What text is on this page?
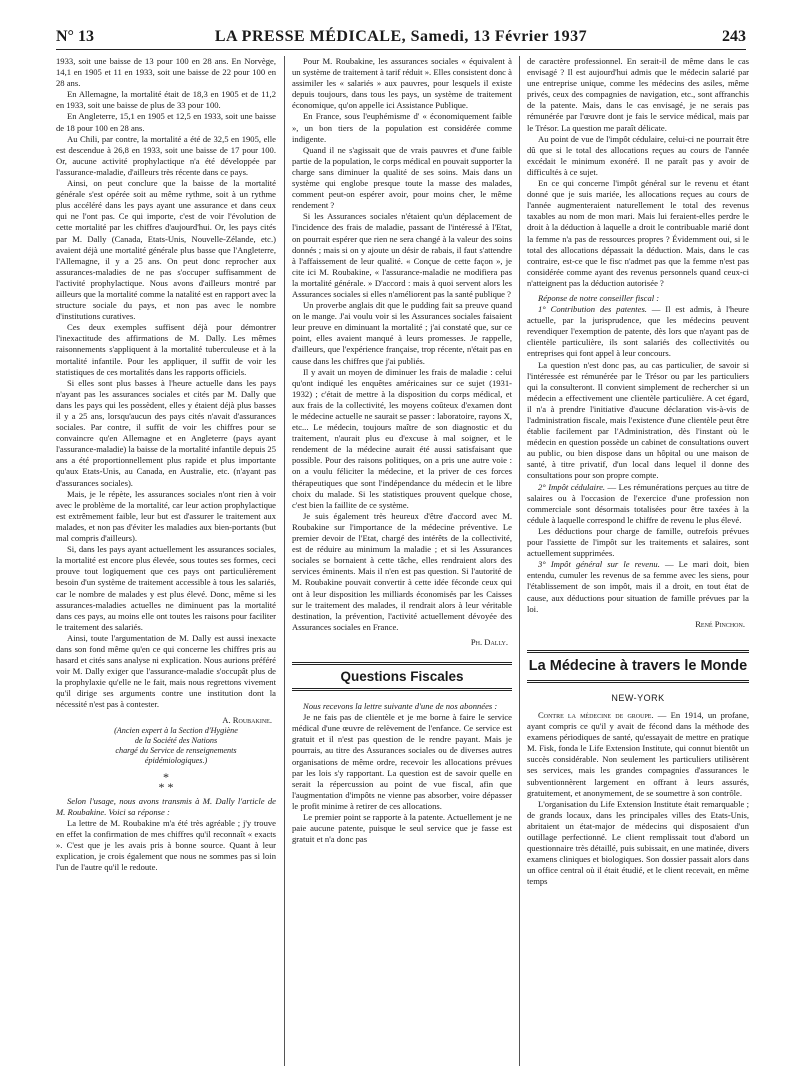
N° 13	LA PRESSE MÉDICALE, Samedi, 13 Février 1937	243

1933, soit une baisse de 13 pour 100 en 28 ans. En Norvège, 14,1 en 1905 et 11 en 1933, soit une baisse de 22 pour 100 en 28 ans.

En Allemagne, la mortalité était de 18,3 en 1905 et de 11,2 en 1933, soit une baisse de plus de 33 pour 100.

En Angleterre, 15,1 en 1905 et 12,5 en 1933, soit une baisse de 18 pour 100 en 28 ans.

Au Chili, par contre, la mortalité a été de 32,5 en 1905, elle est descendue à 26,8 en 1933, soit une baisse de 17 pour 100. Or, aucune activité prophylactique n'a été développée par l'assurance-maladie, d'ailleurs très récente dans ce pays.

Ainsi, on peut conclure que la baisse de la mortalité générale s'est opérée soit au même rythme, soit à un rythme plus accéléré dans les pays ayant une assurance et dans ceux qui ne l'ont pas. Ce qui importe, c'est de voir l'évolution de cette mortalité par les chiffres d'aujourd'hui. Or, les pays cités par M. Dally (Canada, Etats-Unis, Nouvelle-Zélande, etc.) avaient déjà une mortalité générale plus basse que l'Angleterre, l'Allemagne, il y a 25 ans. On peut donc reprocher aux assurances-maladies de ne pas s'occuper suffisamment de l'activité prophylactique. Nous avons d'ailleurs montré par ailleurs que la mortalité comme la natalité est en rapport avec la structure sociale du pays, et non pas avec le nombre d'institutions curatives.

Ces deux exemples suffisent déjà pour démontrer l'inexactitude des affirmations de M. Dally. Les mêmes raisonnements s'appliquent à la mortalité tuberculeuse et à la mortalité infantile. Pour les appliquer, il suffit de voir les statistiques de ces mortalités dans les rapports officiels.

Si elles sont plus basses à l'heure actuelle dans les pays n'ayant pas les assurances sociales et cités par M. Dally que dans les pays qui les possèdent, elles y étaient déjà plus basses il y a 25 ans, lorsqu'aucun des pays cités n'avait d'assurances sociales. Par contre, il suffit de voir les chiffres pour se convaincre qu'en Allemagne et en Angleterre (pays ayant l'assurance-maladie) la baisse de la mortalité infantile depuis 25 ans a été proportionnellement plus rapide et plus importante qu'aux Etats-Unis, au Canada, en Australie, etc. (n'ayant pas d'assurances sociales).

Mais, je le répète, les assurances sociales n'ont rien à voir avec le problème de la mortalité, car leur action prophylactique est extrêmement faible, leur but est d'assurer le traitement aux malades, et non pas d'éviter les maladies aux bien-portants (but mal compris d'ailleurs).

Si, dans les pays ayant actuellement les assurances sociales, la mortalité est encore plus élevée, sous toutes ses formes, ceci prouve tout logiquement que ces pays ont particulièrement besoin d'un système de traitement accessible à tous les salariés, car le nombre de malades y est plus élevé. Donc, même si les assurances-maladies actuelles ne diminuent pas la mortalité dans ces pays, au moins elle ont toutes les raisons pour faciliter le traitement des salariés.

Ainsi, toute l'argumentation de M. Dally est aussi inexacte dans son fond même qu'en ce qui concerne les chiffres pris au hasard et cités sans analyse ni explication. Nous aurions préféré voir M. Dally exiger que l'assurance-maladie s'occupât plus de la prophylaxie qu'elle ne le fait, mais nous regrettons vivement qu'il dirige ses arguments contre une institution dont la nécessité n'est pas à contester.

A. Roubakine.

(Ancien expert à la Section d'Hygiène

de la Société des Nations

chargé du Service de renseignements

épidémiologiques.)

*
* *

Selon l'usage, nous avons transmis à M. Dally l'article de M. Roubakine. Voici sa réponse :

La lettre de M. Roubakine m'a été très agréable ; j'y trouve en effet la confirmation de mes chiffres qu'il reconnaît « exacts ». C'est que je les avais pris à bonne source. Quant à leur explication, je crois également que nous ne sommes pas si loin l'un de l'autre qu'il le redoute.

Pour M. Roubakine, les assurances sociales « équivalent à un système de traitement à tarif réduit ». Elles consistent donc à assimiler les « salariés » aux pauvres, pour lesquels il existe depuis toujours, dans tous les pays, un système de traitement économique, qu'on appelle ici Assistance Publique.

En France, sous l'euphémisme d' « économiquement faible », un bon tiers de la population est considérée comme indigente.

Quand il ne s'agissait que de vrais pauvres et d'une faible partie de la population, le corps médical en pouvait supporter la charge sans diminuer la qualité de ses soins. Mais dans un système qui englobe presque toute la masse des malades, comment peut-on espérer avoir, pour moins cher, le même rendement ?

Si les Assurances sociales n'étaient qu'un déplacement de l'incidence des frais de maladie, passant de l'intéressé à l'Etat, on pourrait espérer que rien ne sera changé à la valeur des soins donnés ; mais si on y ajoute un désir de rabais, il faut s'attendre à l'affaissement de leur qualité. « Conçue de cette façon », je cite ici M. Roubakine, « l'assurance-maladie ne modifiera pas la mortalité générale. » D'accord : mais à quoi servent alors les Assurances sociales si elles n'améliorent pas la santé publique ?

Un proverbe anglais dit que le pudding fait sa preuve quand on le mange. J'ai voulu voir si les Assurances sociales faisaient leur preuve en diminuant la mortalité ; j'ai constaté que, sur ce point, elles avaient manqué à leurs promesses. Je rappelle, d'ailleurs, que l'expérience française, trop récente, n'était pas en cause dans les chiffres que j'ai publiés.

Il y avait un moyen de diminuer les frais de maladie : celui qu'ont indiqué les enquêtes américaines sur ce sujet (1931-1932) ; c'était de mettre à la disposition du corps médical, et aux frais de la collectivité, les moyens coûteux d'examen dont le médecine actuelle ne saurait se passer : laboratoire, rayons X, etc... Le médecin, toujours maître de son diagnostic et du traitement, n'aurait plus eu d'excuse à mal soigner, et le rendement de la médecine aurait été aussi satisfaisant que possible. Pour des raisons politiques, on a pris une autre voie : on a voulu féliciter la médecine, et la priver de ces forces thérapeutiques que sont l'indépendance du médecin et le libre choix du malade. Si les statistiques prouvent quelque chose, c'est bien la faillite de ce système.

Je suis également très heureux d'être d'accord avec M. Roubakine sur l'importance de la médecine préventive. Le premier devoir de l'Etat, chargé des intérêts de la collectivité, est de réduire au minimum la maladie ; et si les Assurances sociales se bornaient à cette tâche, elles rendraient alors des services éminents. Mais il n'en est pas question. Si l'autorité de M. Roubakine pouvait convertir à cette idée féconde ceux qui ont à leur disposition les milliards économisés par les Caisses sur le traitement des malades, il rendrait alors à leur véritable destination, la prévention, l'activité actuellement dévoyée des Assurances sociales en France.

Ph. Dally.

Questions Fiscales

Nous recevons la lettre suivante d'une de nos abonnées :

Je ne fais pas de clientèle et je me borne à faire le service médical d'une œuvre de relèvement de l'enfance. Ce service est gratuit et il n'est pas question de le rendre payant. Mais je pourrais, au titre des Assurances sociales ou de diverses autres organisations de même ordre, recevoir les allocations prévues par les lois s'y rapportant. La question est de savoir quelle en serait la répercussion au point de vue fiscal, afin que l'augmentation d'impôts ne vienne pas absorber, voire dépasser le profit minime à retirer de ces allocations.

Le premier point se rapporte à la patente. Actuellement je ne paie aucune patente, puisque le seul service que je fasse est gratuit et n'a donc pas

de caractère professionnel. En serait-il de même dans le cas envisagé ? Il est aujourd'hui admis que le médecin salarié par une entreprise unique, comme les médecins des asiles, même privés, ceux des compagnies de navigation, etc., sont affranchis de la patente. Mais, dans le cas envisagé, je ne serais pas rémunérée par l'œuvre dont je fais le service médical, mais par le Trésor. La question me paraît délicate.

Au point de vue de l'impôt cédulaire, celui-ci ne pourrait être dû que si le total des allocations reçues au cours de l'année excédait le minimum exonéré. Il ne paraît pas y avoir de difficultés à ce sujet.

En ce qui concerne l'impôt général sur le revenu et étant donné que je suis mariée, les allocations reçues au cours de l'année augmenteraient naturellement le total des revenus taxables au nom de mon mari. Mais lui feraient-elles perdre le droit à la déduction à laquelle a droit le contribuable marié dont la femme n'a pas de ressources propres ? Évidemment oui, si le total des allocations dépassait la déduction. Mais, dans le cas contraire, est-ce que le fisc n'admet pas que la femme n'est pas considérée comme ayant des revenus personnels quand ceux-ci n'atteignent pas la déduction autorisée ?

Réponse de notre conseiller fiscal :

1° Contribution des patentes. — Il est admis, à l'heure actuelle, par la jurisprudence, que les médecins peuvent revendiquer l'exemption de patente, dès lors que n'ayant pas de clientèle particulière, ils sont salariés des collectivités ou entreprises qui font appel à leur concours.

La question n'est donc pas, au cas particulier, de savoir si l'intéressée est rémunérée par le Trésor ou par les particuliers qui la consulteront. Il convient simplement de rechercher si un médecin a effectivement une clientèle particulière. A cet égard, il n'a à prendre l'initiative d'aucune déclaration vis-à-vis de l'administration fiscale, mais l'existence d'une clientèle peut être établie facilement par l'Administration, dès l'instant où le médecin en question possède un cabinet de consultations ouvert au public, ou bien dispose dans un hôpital ou une maison de santé, à titre privatif, d'un local dans lequel il donne des consultations pour son propre compte.

2° Impôt cédulaire. — Les rémunérations perçues au titre de salaires ou à l'occasion de l'exercice d'une profession non commerciale sont désormais totalisées pour être taxées à la cédule à laquelle correspond le chiffre de revenu le plus élevé.

Les déductions pour charge de famille, outrefois prévues pour l'assiette de l'impôt sur les traitements et salaires, sont actuellement supprimées.

3° Impôt général sur le revenu. — Le mari doit, bien entendu, cumuler les revenus de sa femme avec les siens, pour l'établissement de son impôt, mais il a droit, en tout état de cause, aux déductions pour situation de famille prévues par la loi.

René Pinchon.

La Médecine à travers le Monde

NEW-YORK

Contre la médecine de groupe. — En 1914, un profane, ayant compris ce qu'il y avait de fécond dans la méthode des examens périodiques de santé, qu'essayait de mettre en pratique M. Fisk, fonda le Life Extension Institute, qui connut bientôt un succès considérable. Non seulement les particuliers utilisèrent ses services, mais les grandes compagnies d'assurances le subventionnèrent largement en offrant à leurs assurés, gratuitement, et anonymement, de se soumettre à son contrôle.

L'organisation du Life Extension Institute était remarquable ; de grands locaux, dans les principales villes des Etats-Unis, abritaient un état-major de médecins qui disposaient d'un outillage perfectionné. Le client remplissait tout d'abord un questionnaire très détaillé, puis subissait, en une matinée, divers examens cliniques et biologiques. Son dossier passait alors dans un office central où il était étudié, et le client recevait, en même temps
